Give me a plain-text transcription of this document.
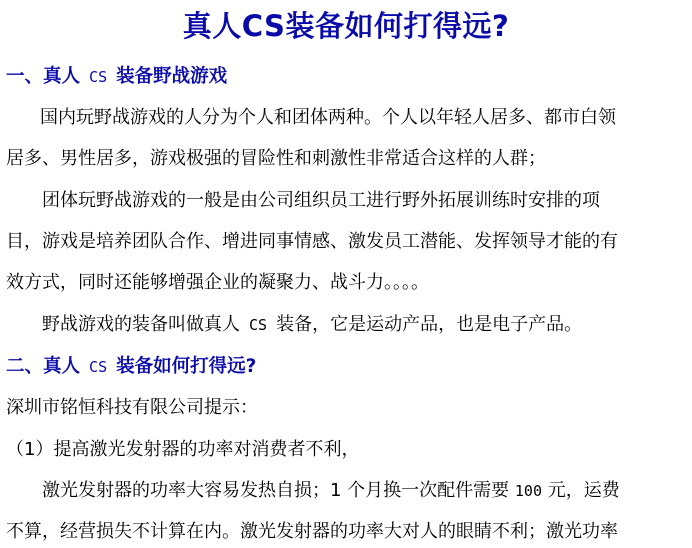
真人CS装备如何打得远?
一、真人 CS 装备野战游戏
国内玩野战游戏的人分为个人和团体两种。个人以年轻人居多、都市白领
居多、男性居多，游戏极强的冒险性和刺激性非常适合这样的人群；
团体玩野战游戏的一般是由公司组织员工进行野外拓展训练时安排的项
目，游戏是培养团队合作、增进同事情感、激发员工潜能、发挥领导才能的有
效方式，同时还能够增强企业的凝聚力、战斗力。。。。
野战游戏的装备叫做真人 CS 装备，它是运动产品，也是电子产品。
二、真人 CS 装备如何打得远?
深圳市铭恒科技有限公司提示：
（1）提高激光发射器的功率对消费者不利，
激光发射器的功率大容易发热自损；1 个月换一次配件需要 100 元，运费
不算，经营损失不计算在内。激光发射器的功率大对人的眼睛不利；激光功率
